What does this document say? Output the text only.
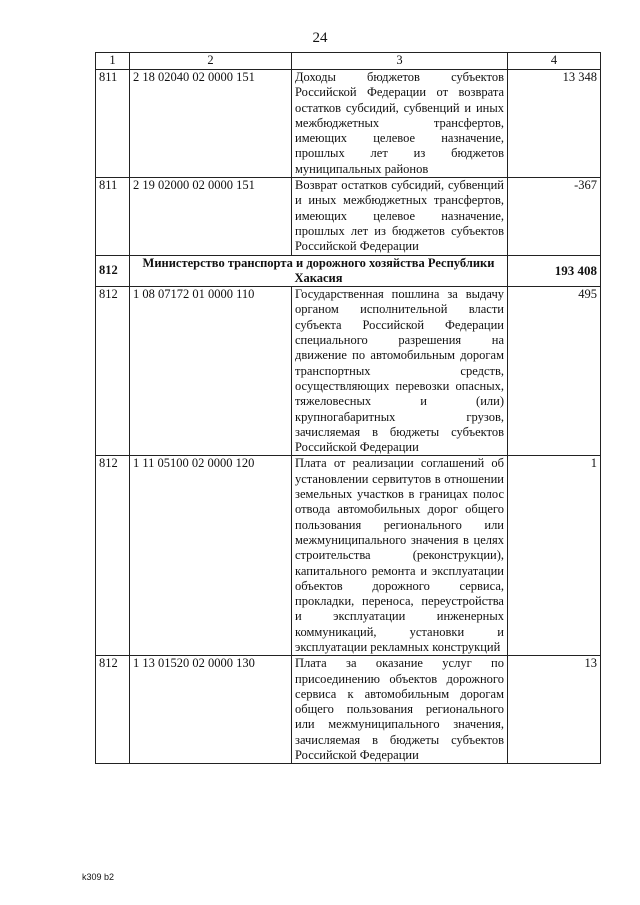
24
1	2	3	4
811	2 18 02040 02 0000 151	Доходы бюджетов субъектов Российской Федерации от возврата остатков субсидий, субвенций и иных межбюджетных трансфертов, имеющих целевое назначение, прошлых лет из бюджетов муниципальных районов	13 348
811	2 19 02000 02 0000 151	Возврат остатков субсидий, субвенций и иных межбюджетных трансфертов, имеющих целевое назначение, прошлых лет из бюджетов субъектов Российской Федерации	-367
812	Министерство транспорта и дорожного хозяйства Республики Хакасия		193 408
812	1 08 07172 01 0000 110	Государственная пошлина за выдачу органом исполнительной власти субъекта Российской Федерации специального разрешения на движение по автомобильным дорогам транспортных средств, осуществляющих перевозки опасных, тяжеловесных и (или) крупногабаритных грузов, зачисляемая в бюджеты субъектов Российской Федерации	495
812	1 11 05100 02 0000 120	Плата от реализации соглашений об установлении сервитутов в отношении земельных участков в границах полос отвода автомобильных дорог общего пользования регионального или межмуниципального значения в целях строительства (реконструкции), капитального ремонта и эксплуатации объектов дорожного сервиса, прокладки, переноса, переустройства и эксплуатации инженерных коммуникаций, установки и эксплуатации рекламных конструкций	1
812	1 13 01520 02 0000 130	Плата за оказание услуг по присоединению объектов дорожного сервиса к автомобильным дорогам общего пользования регионального или межмуниципального значения, зачисляемая в бюджеты субъектов Российской Федерации	13
k309 b2
